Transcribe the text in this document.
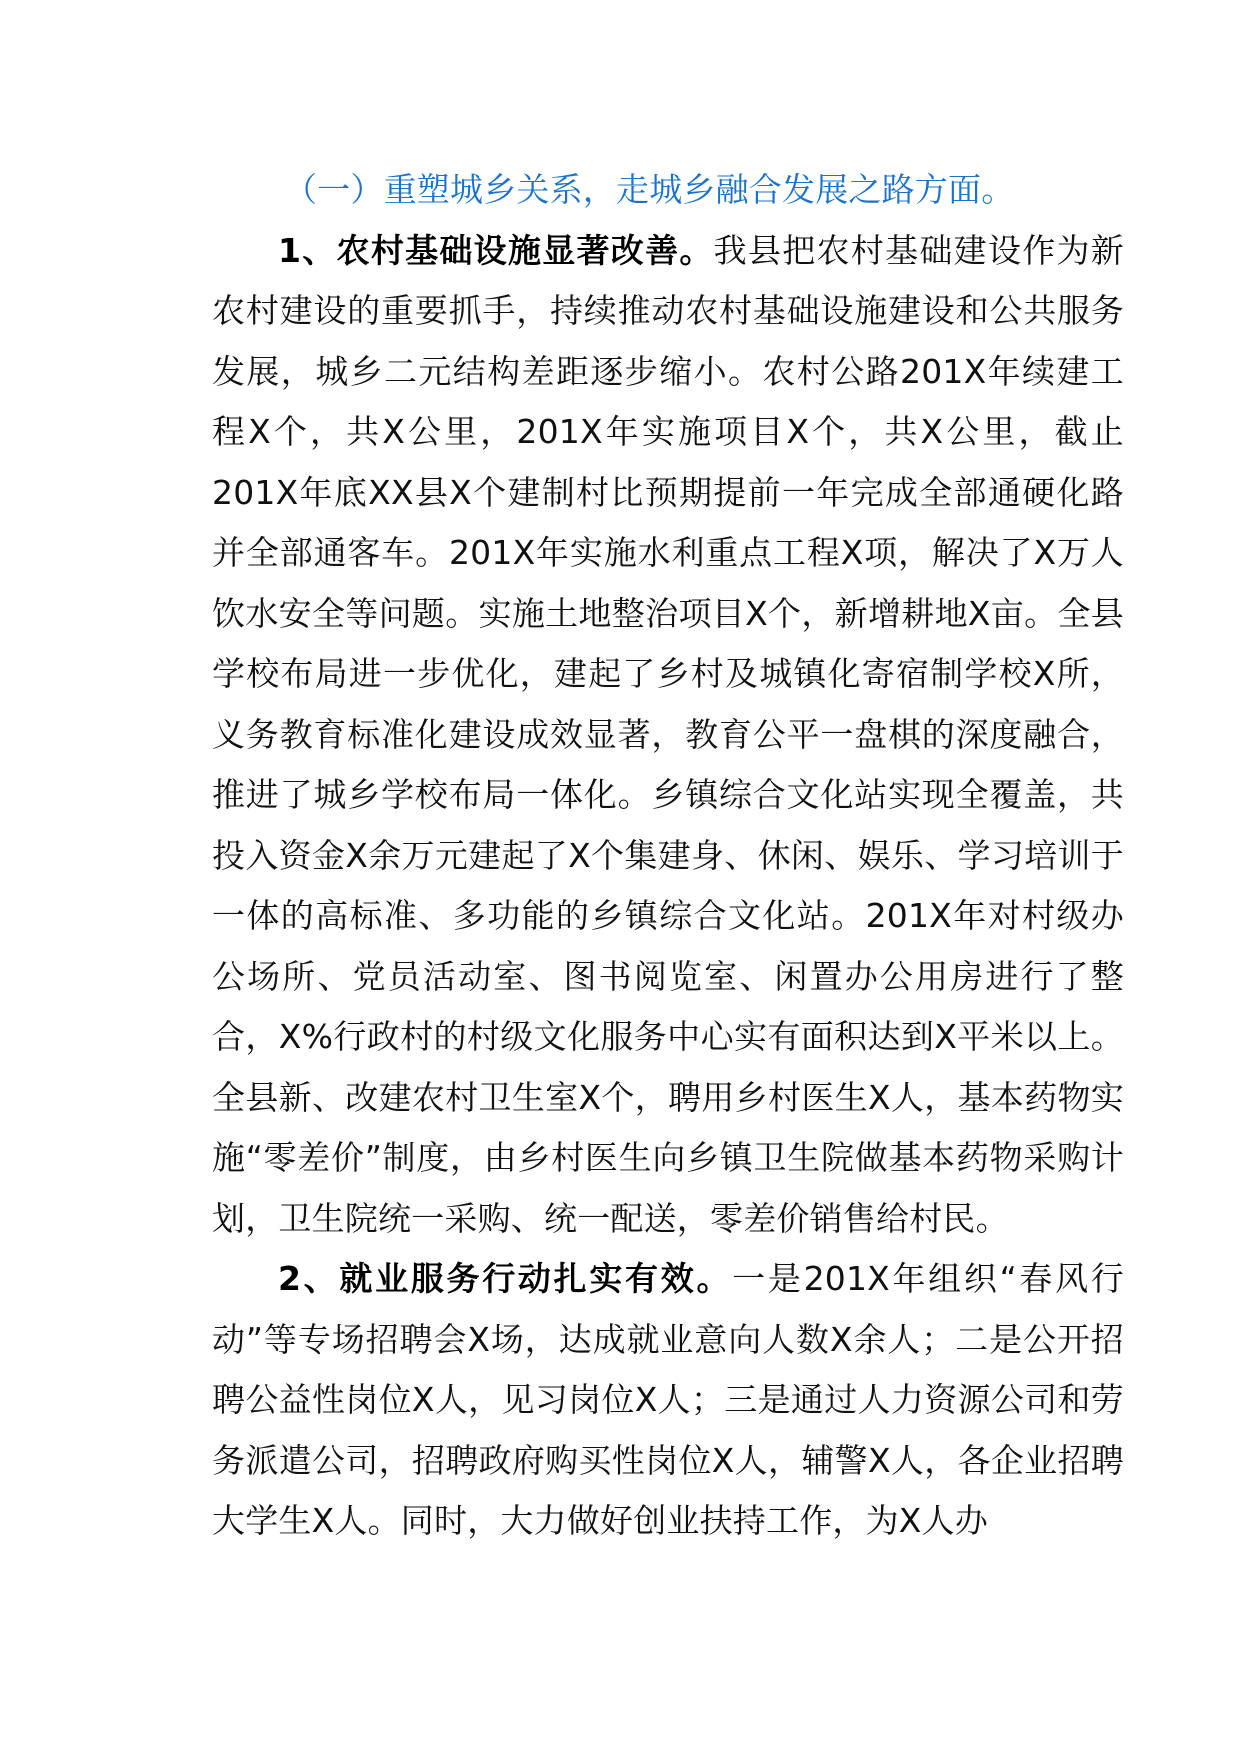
（一）重塑城乡关系，走城乡融合发展之路方面。

1、农村基础设施显著改善。我县把农村基础建设作为新农村建设的重要抓手，持续推动农村基础设施建设和公共服务发展，城乡二元结构差距逐步缩小。农村公路201X年续建工程X个，共X公里，201X年实施项目X个，共X公里，截止201X年底XX县X个建制村比预期提前一年完成全部通硬化路并全部通客车。201X年实施水利重点工程X项，解决了X万人饮水安全等问题。实施土地整治项目X个，新增耕地X亩。全县学校布局进一步优化，建起了乡村及城镇化寄宿制学校X所，义务教育标准化建设成效显著，教育公平一盘棋的深度融合，推进了城乡学校布局一体化。乡镇综合文化站实现全覆盖，共投入资金X余万元建起了X个集建身、休闲、娱乐、学习培训于一体的高标准、多功能的乡镇综合文化站。201X年对村级办公场所、党员活动室、图书阅览室、闲置办公用房进行了整合，X%行政村的村级文化服务中心实有面积达到X平米以上。全县新、改建农村卫生室X个，聘用乡村医生X人，基本药物实施“零差价”制度，由乡村医生向乡镇卫生院做基本药物采购计划，卫生院统一采购、统一配送，零差价销售给村民。

2、就业服务行动扎实有效。一是201X年组织“春风行动”等专场招聘会X场，达成就业意向人数X余人；二是公开招聘公益性岗位X人，见习岗位X人；三是通过人力资源公司和劳务派遣公司，招聘政府购买性岗位X人，辅警X人，各企业招聘大学生X人。同时，大力做好创业扶持工作，为X人办
